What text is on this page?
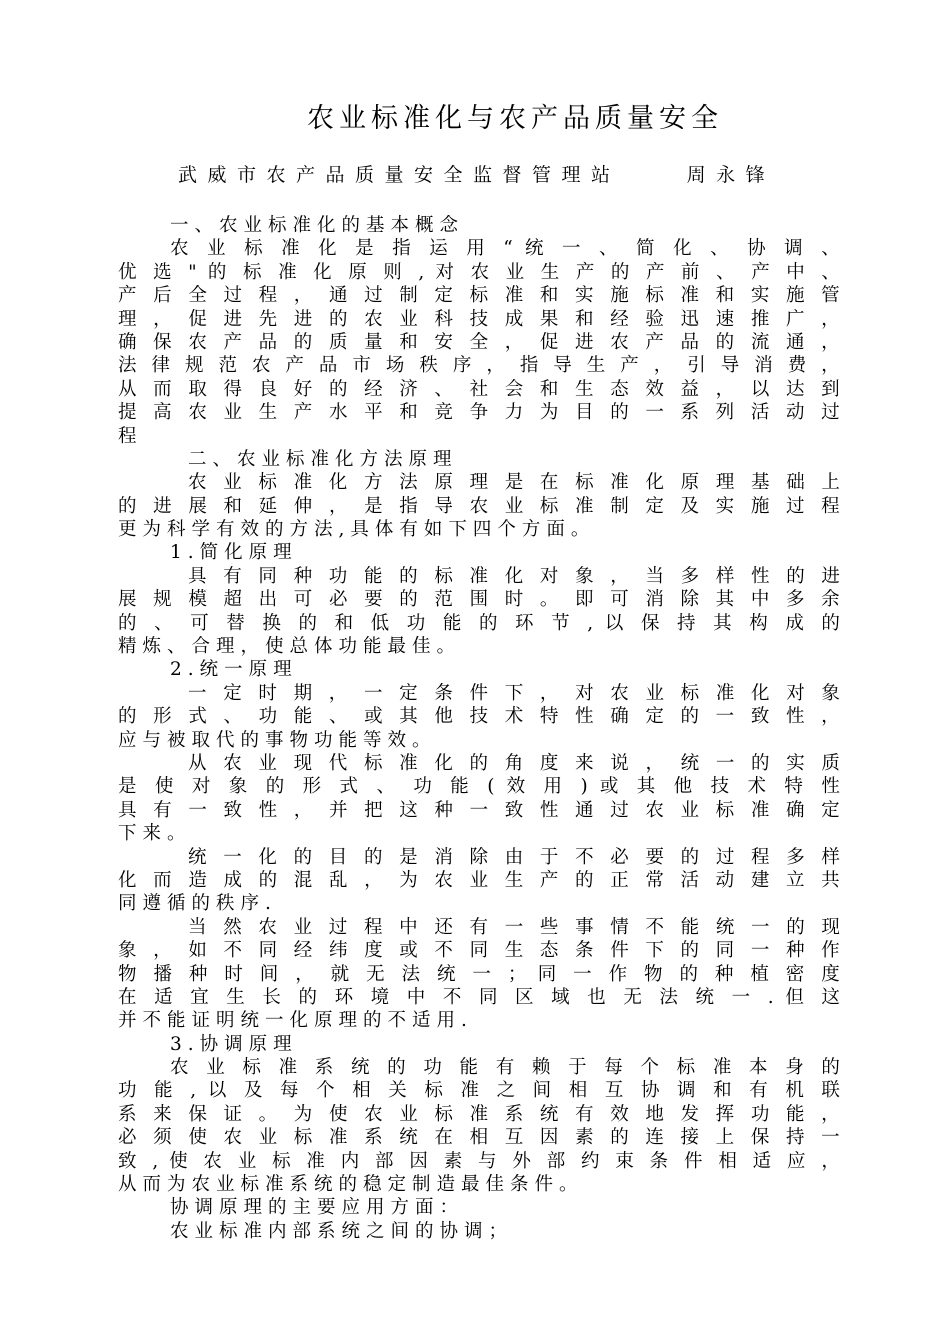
农业标准化与农产品质量安全
武威市农产品质量安全监督管理站    周永锋
一、农业标准化的基本概念
农 业 标 准 化 是 指 运 用 “ 统 一 、 简 化 、 协 调 、
优 选 " 的 标 准 化 原 则 , 对 农 业 生 产 的 产 前 、 产 中 、
产 后 全 过 程 ， 通 过 制 定 标 准 和 实 施 标 准 和 实 施 管
理 ， 促 进 先 进 的 农 业 科 技 成 果 和 经 验 迅 速 推 广 ，
确 保 农 产 品 的 质 量 和 安 全 ， 促 进 农 产 品 的 流 通 ，
法 律 规 范 农 产 品 市 场 秩 序 ， 指 导 生 产 ， 引 导 消 费 ，
从 而 取 得 良 好 的 经 济 、 社 会 和 生 态 效 益 ， 以 达 到
提 高 农 业 生 产 水 平 和 竞 争 力 为 目 的 一 系 列 活 动 过
程
二、农业标准化方法原理
农 业 标 准 化 方 法 原 理 是 在 标 准 化 原 理 基 础 上
的 进 展 和 延 伸 ， 是 指 导 农 业 标 准 制 定 及 实 施 过 程
更为科学有效的方法,具体有如下四个方面。
1.简化原理
具 有 同 种 功 能 的 标 准 化 对 象 ， 当 多 样 性 的 进
展 规 模 超 出 可 必 要 的 范 围 时 。 即 可 消 除 其 中 多 余
的 、 可 替 换 的 和 低 功 能 的 环 节 , 以 保 持 其 构 成 的
精炼、合理，使总体功能最佳。
2.统一原理
一 定 时 期 ， 一 定 条 件 下 ， 对 农 业 标 准 化 对 象
的 形 式 、 功 能 、 或 其 他 技 术 特 性 确 定 的 一 致 性 ，
应与被取代的事物功能等效。
从 农 业 现 代 标 准 化 的 角 度 来 说 ， 统 一 的 实 质
是 使 对 象 的 形 式 、 功 能 ( 效 用 ) 或 其 他 技 术 特 性
具 有 一 致 性 ， 并 把 这 种 一 致 性 通 过 农 业 标 准 确 定
下来。
统 一 化 的 目 的 是 消 除 由 于 不 必 要 的 过 程 多 样
化 而 造 成 的 混 乱 ， 为 农 业 生 产 的 正 常 活 动 建 立 共
同遵循的秩序.
当 然 农 业 过 程 中 还 有 一 些 事 情 不 能 统 一 的 现
象 ， 如 不 同 经 纬 度 或 不 同 生 态 条 件 下 的 同 一 种 作
物 播 种 时 间 ， 就 无 法 统 一 ； 同 一 作 物 的 种 植 密 度
在 适 宜 生 长 的 环 境 中 不 同 区 域 也 无 法 统 一 . 但 这
并不能证明统一化原理的不适用.
3.协调原理
农 业 标 准 系 统 的 功 能 有 赖 于 每 个 标 准 本 身 的
功 能 , 以 及 每 个 相 关 标 准 之 间 相 互 协 调 和 有 机 联
系 来 保 证 。 为 使 农 业 标 准 系 统 有 效 地 发 挥 功 能 ，
必 须 使 农 业 标 准 系 统 在 相 互 因 素 的 连 接 上 保 持 一
致 , 使 农 业 标 准 内 部 因 素 与 外 部 约 束 条 件 相 适 应 ，
从而为农业标准系统的稳定制造最佳条件。
协调原理的主要应用方面：
农业标准内部系统之间的协调；
